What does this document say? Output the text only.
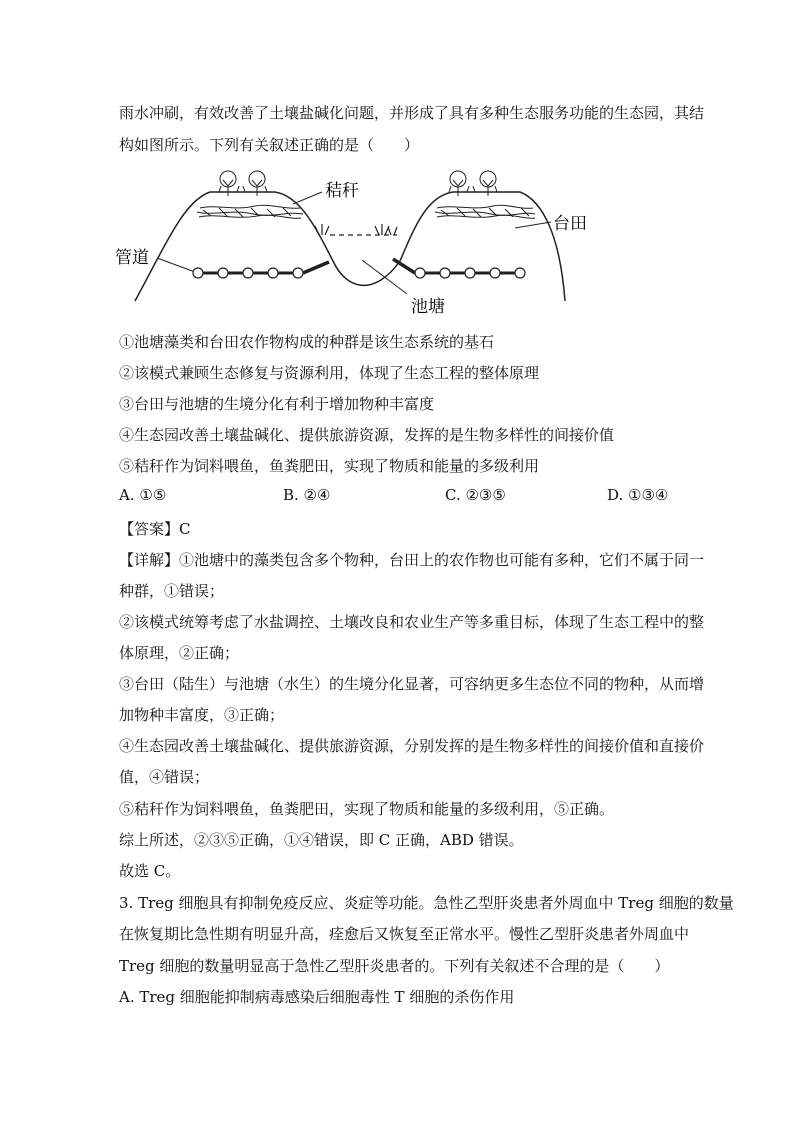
雨水冲刷，有效改善了土壤盐碱化问题，并形成了具有多种生态服务功能的生态园，其结
构如图所示。下列有关叙述正确的是（　　）
秸秆
台田
管道
池塘
①池塘藻类和台田农作物构成的种群是该生态系统的基石
②该模式兼顾生态修复与资源利用，体现了生态工程的整体原理
③台田与池塘的生境分化有利于增加物种丰富度
④生态园改善土壤盐碱化、提供旅游资源，发挥的是生物多样性的间接价值
⑤秸秆作为饲料喂鱼，鱼粪肥田，实现了物质和能量的多级利用
A. ①⑤	B. ②④	C. ②③⑤	D. ①③④
【答案】C
【详解】①池塘中的藻类包含多个物种，台田上的农作物也可能有多种，它们不属于同一
种群，①错误；
②该模式统筹考虑了水盐调控、土壤改良和农业生产等多重目标，体现了生态工程中的整
体原理，②正确；
③台田（陆生）与池塘（水生）的生境分化显著，可容纳更多生态位不同的物种，从而增
加物种丰富度，③正确；
④生态园改善土壤盐碱化、提供旅游资源，分别发挥的是生物多样性的间接价值和直接价
值，④错误；
⑤秸秆作为饲料喂鱼，鱼粪肥田，实现了物质和能量的多级利用，⑤正确。
综上所述，②③⑤正确，①④错误，即 C 正确，ABD 错误。
故选 C。
3. Treg 细胞具有抑制免疫反应、炎症等功能。急性乙型肝炎患者外周血中 Treg 细胞的数量
在恢复期比急性期有明显升高，痊愈后又恢复至正常水平。慢性乙型肝炎患者外周血中
Treg 细胞的数量明显高于急性乙型肝炎患者的。下列有关叙述不合理的是（　　）
A. Treg 细胞能抑制病毒感染后细胞毒性 T 细胞的杀伤作用
